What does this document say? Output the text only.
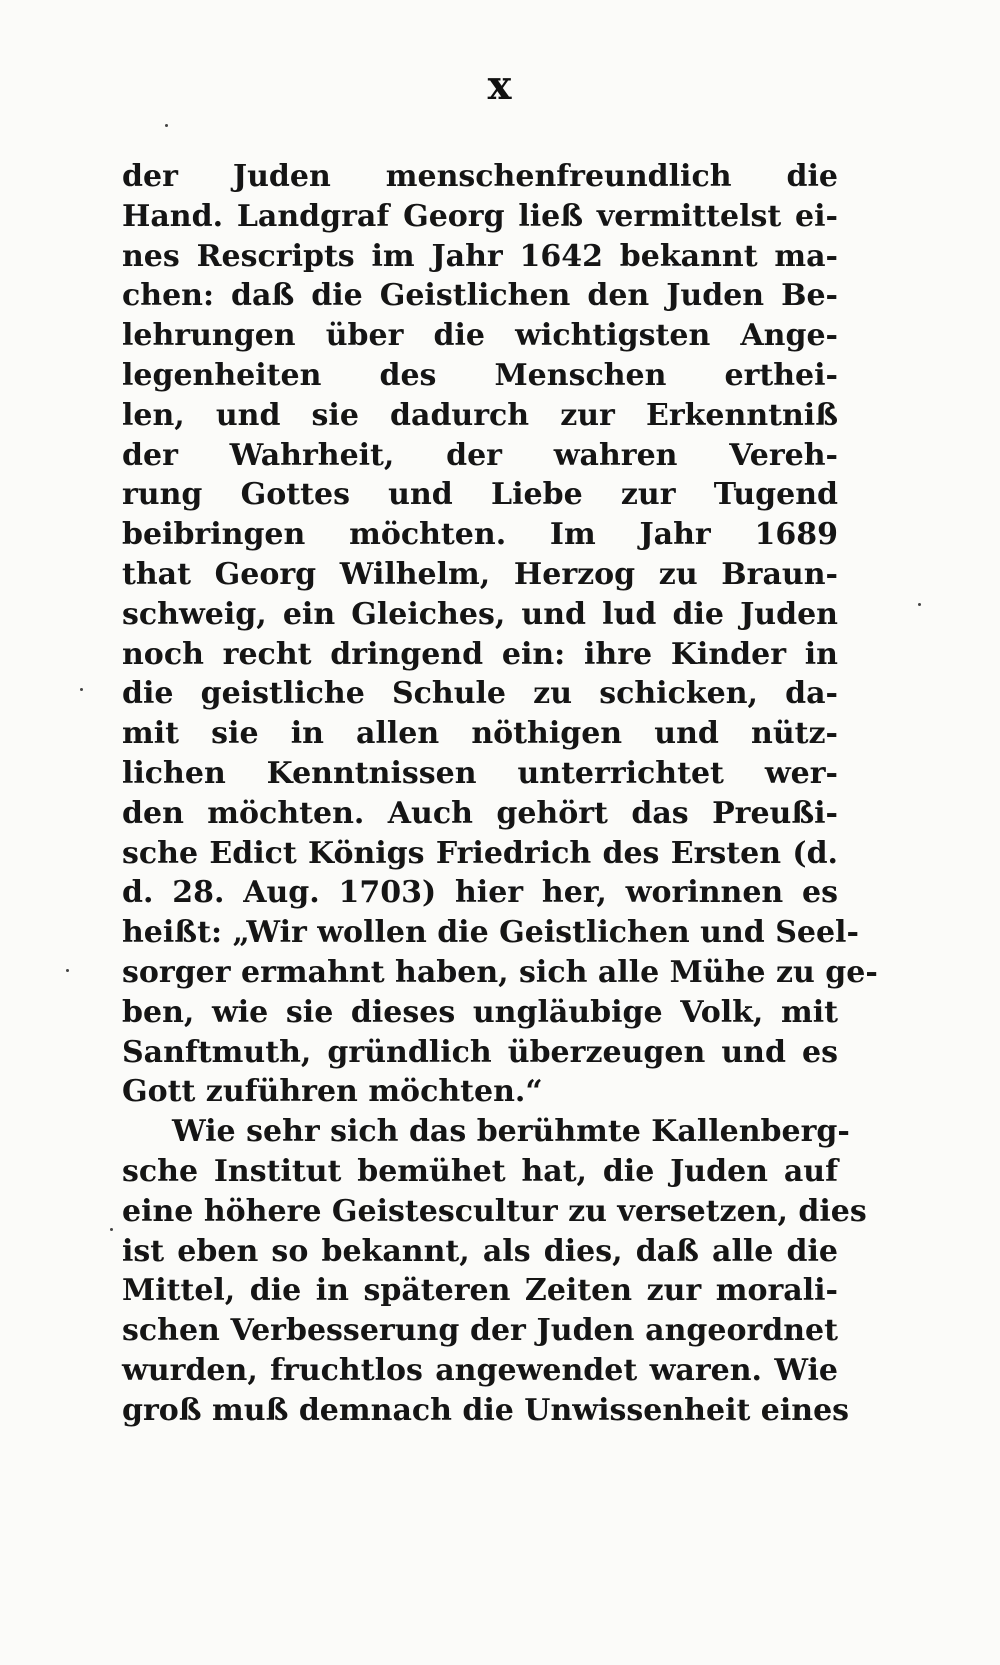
x
der Juden menschenfreundlich die
Hand. Landgraf Georg ließ vermittelst ei-
nes Rescripts im Jahr 1642 bekannt ma-
chen: daß die Geistlichen den Juden Be-
lehrungen über die wichtigsten Ange-
legenheiten des Menschen erthei-
len, und sie dadurch zur Erkenntniß
der Wahrheit, der wahren Vereh-
rung Gottes und Liebe zur Tugend
beibringen möchten. Im Jahr 1689
that Georg Wilhelm, Herzog zu Braun-
schweig, ein Gleiches, und lud die Juden
noch recht dringend ein: ihre Kinder in
die geistliche Schule zu schicken, da-
mit sie in allen nöthigen und nütz-
lichen Kenntnissen unterrichtet wer-
den möchten. Auch gehört das Preußi-
sche Edict Königs Friedrich des Ersten (d.
d. 28. Aug. 1703) hier her, worinnen es
heißt: „Wir wollen die Geistlichen und Seel-
sorger ermahnt haben, sich alle Mühe zu ge-
ben, wie sie dieses ungläubige Volk, mit
Sanftmuth, gründlich überzeugen und es
Gott zuführen möchten.“
Wie sehr sich das berühmte Kallenberg-
sche Institut bemühet hat, die Juden auf
eine höhere Geistescultur zu versetzen, dies
ist eben so bekannt, als dies, daß alle die
Mittel, die in späteren Zeiten zur morali-
schen Verbesserung der Juden angeordnet
wurden, fruchtlos angewendet waren. Wie
groß muß demnach die Unwissenheit eines
